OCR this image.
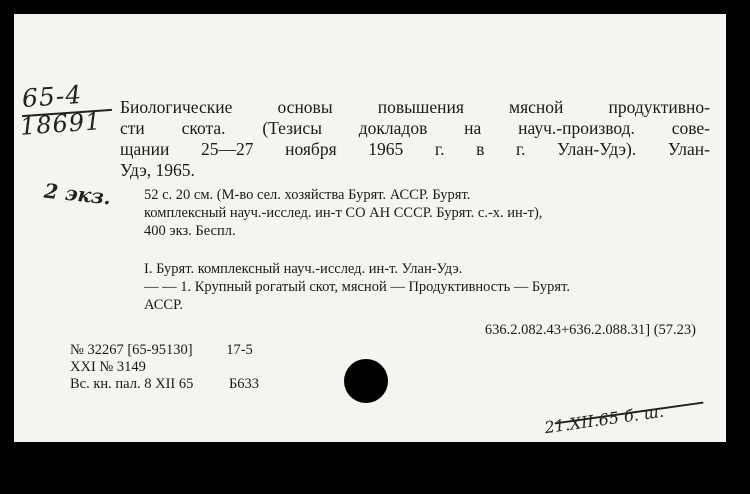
65-4
18691
2 экз.
Биологические основы повышения мясной продуктивно-
сти скота. (Тезисы докладов на науч.-производ. сове-
щании 25—27 ноября 1965 г. в г. Улан-Удэ). Улан-
Удэ, 1965.
52 с. 20 см. (М-во сел. хозяйства Бурят. АССР. Бурят.
комплексный науч.-исслед. ин-т СО АН СССР. Бурят. с.-х. ин-т),
400 экз. Беспл.
I. Бурят. комплексный науч.-исслед. ин-т. Улан-Удэ.
— — 1. Крупный рогатый скот, мясной — Продуктивность — Бурят.
АССР.
636.2.082.43+636.2.088.31] (57.23)
№ 32267 [65-95130] 17-5
XXI № 3149
Вс. кн. пал. 8 XII 65 Б633
21.XII.65 б. ш.
